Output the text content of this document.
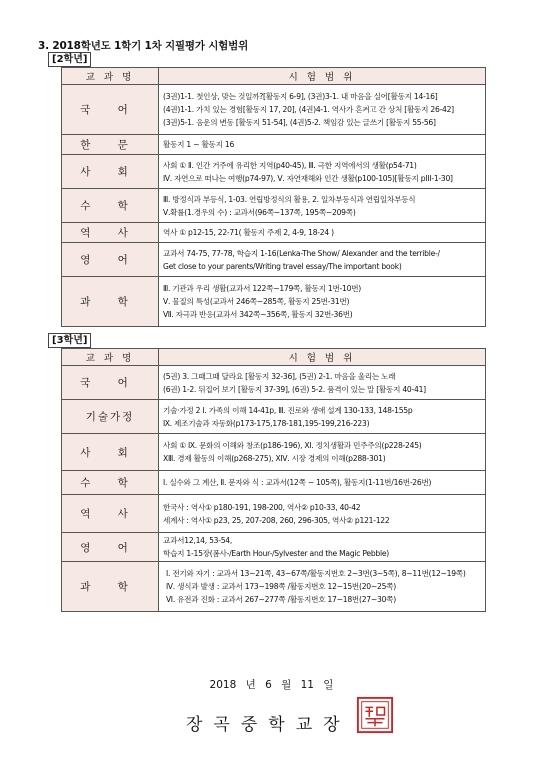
3. 2018학년도 1학기 1차 지필평가 시험범위
[2학년]
교 과 명	시 험 범 위
국 어	(3권)1-1. 첫인상, 맞는 것일까?[활동지 6-9], (3권)3-1. 내 마음을 실어[활동지 14-16]
(4권)1-1. 가치 있는 경험[활동지 17, 20], (4권)4-1. 역사가 흔켜고 간 상처 [활동지 26-42]
(3권)5-1. 음운의 변동 [활동지 51-54], (4권)5-2. 책임감 있는 글쓰기 [활동지 55-56]

한 문	활동지 1 ~ 활동지 16

사 회	사회 ① Ⅱ. 인간 거주에 유리한 지역(p40-45), Ⅲ. 극한 지역에서의 생활(p54-71)
Ⅳ. 자연으로 떠나는 여행(p74-97), Ⅴ. 자연재해와 인간 생활(p100-105)[활동지 pIII-1-30]

수 학	Ⅲ. 방정식과 부등식, 1-03. 연립방정식의 활용, 2. 일차부등식과 연립일차부등식
Ⅴ.확률(1.경우의 수) : 교과서(96쪽~137쪽, 195쪽~209쪽)

역 사	역사 ① p12-15, 22-71( 활동지 주제 2, 4-9, 18-24 )

영 어	교과서 74-75, 77-78, 학습지 1-16(Lenka-The Show/ Alexander and the terrible-/
Get close to your parents/Writing travel essay/The important book)

과 학	Ⅲ. 기관과 우리 생활(교과서 122쪽~179쪽, 활동지 1번-10번)
Ⅴ. 물질의 특성(교과서 246쪽~285쪽, 활동지 25번-31번)
Ⅶ. 자극과 반응(교과서 342쪽~356쪽, 활동지 32번-36번)
[3학년]
교 과 명	시 험 범 위
국 어	(5권) 3. 그때그때 달라요 [활동지 32-36], (5권) 2-1. 마음을 울리는 노래
(6권) 1-2. 뒤집어 보기 [활동지 37-39], (6권) 5-2. 품격이 있는 말 [활동지 40-41]

기술가정	기술·가정 2 Ⅰ. 가족의 이해 14-41p, Ⅲ. 진로와 생애 설계 130-133, 148-155p
Ⅸ. 제조기술과 자동화(p173-175,178-181,195-199,216-223)

사 회	사회 ① Ⅸ. 문화의 이해와 창조(p186-196), Ⅺ. 정치생활과 민주주의(p228-245)
XⅢ. 경제 활동의 이해(p268-275), XⅣ. 시장 경제의 이해(p288-301)

수 학	Ⅰ. 실수와 그 계산, Ⅱ. 문자와 식 : 교과서(12쪽 ~ 105쪽), 활동지(1-11번/16번-26번)

역 사	한국사 : 역사① p180-191, 198-200, 역사② p10-33, 40-42
세계사 : 역사① p23, 25, 207-208, 260, 296-305, 역사② p121-122

영 어	교과서12,14, 53-54,
학습지 1-15장(폼사-/Earth Hour-/Sylvester and the Magic Pebble)

과 학	Ⅰ. 전기와 자기 : 교과서 13~21쪽, 43~67쪽/활동지번호 2~3번(3~5쪽), 8~11번(12~19쪽)
Ⅳ. 생식과 발생 : 교과서 173~198쪽 /활동지번호 12~15번(20~25쪽)
Ⅵ. 유전과 진화 : 교과서 267~277쪽 /활동지번호 17~18번(27~30쪽)
2018 년 6 월 11 일
장곡중학교장
